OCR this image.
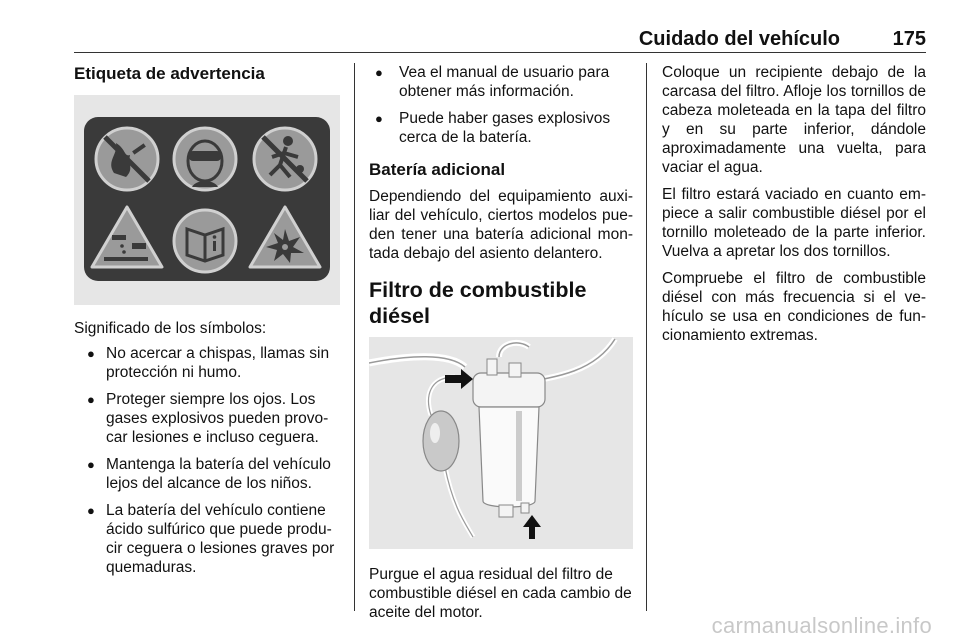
Cuidado del vehículo	175
Etiqueta de advertencia

Significado de los símbolos:

● No acercar a chispas, llamas sin protección ni humo.
● Proteger siempre los ojos. Los gases explosivos pueden provo-car lesiones e incluso ceguera.
● Mantenga la batería del vehículo lejos del alcance de los niños.
● La batería del vehículo contiene ácido sulfúrico que puede produ-cir ceguera o lesiones graves por quemaduras.
● Vea el manual de usuario para obtener más información.
● Puede haber gases explosivos cerca de la batería.
Batería adicional

Dependiendo del equipamiento auxi-liar del vehículo, ciertos modelos pue-den tener una batería adicional mon-tada debajo del asiento delantero.

Filtro de combustible diésel

Purgue el agua residual del filtro de combustible diésel en cada cambio de aceite del motor.

Coloque un recipiente debajo de la carcasa del filtro. Afloje los tornillos de cabeza moleteada en la tapa del filtro y en su parte inferior, dándole aproximadamente una vuelta, para vaciar el agua.

El filtro estará vaciado en cuanto em-piece a salir combustible diésel por el tornillo moleteado de la parte inferior. Vuelva a apretar los dos tornillos.

Compruebe el filtro de combustible diésel con más frecuencia si el ve-hículo se usa en condiciones de fun-cionamiento extremas.

carmanualsonline.info
